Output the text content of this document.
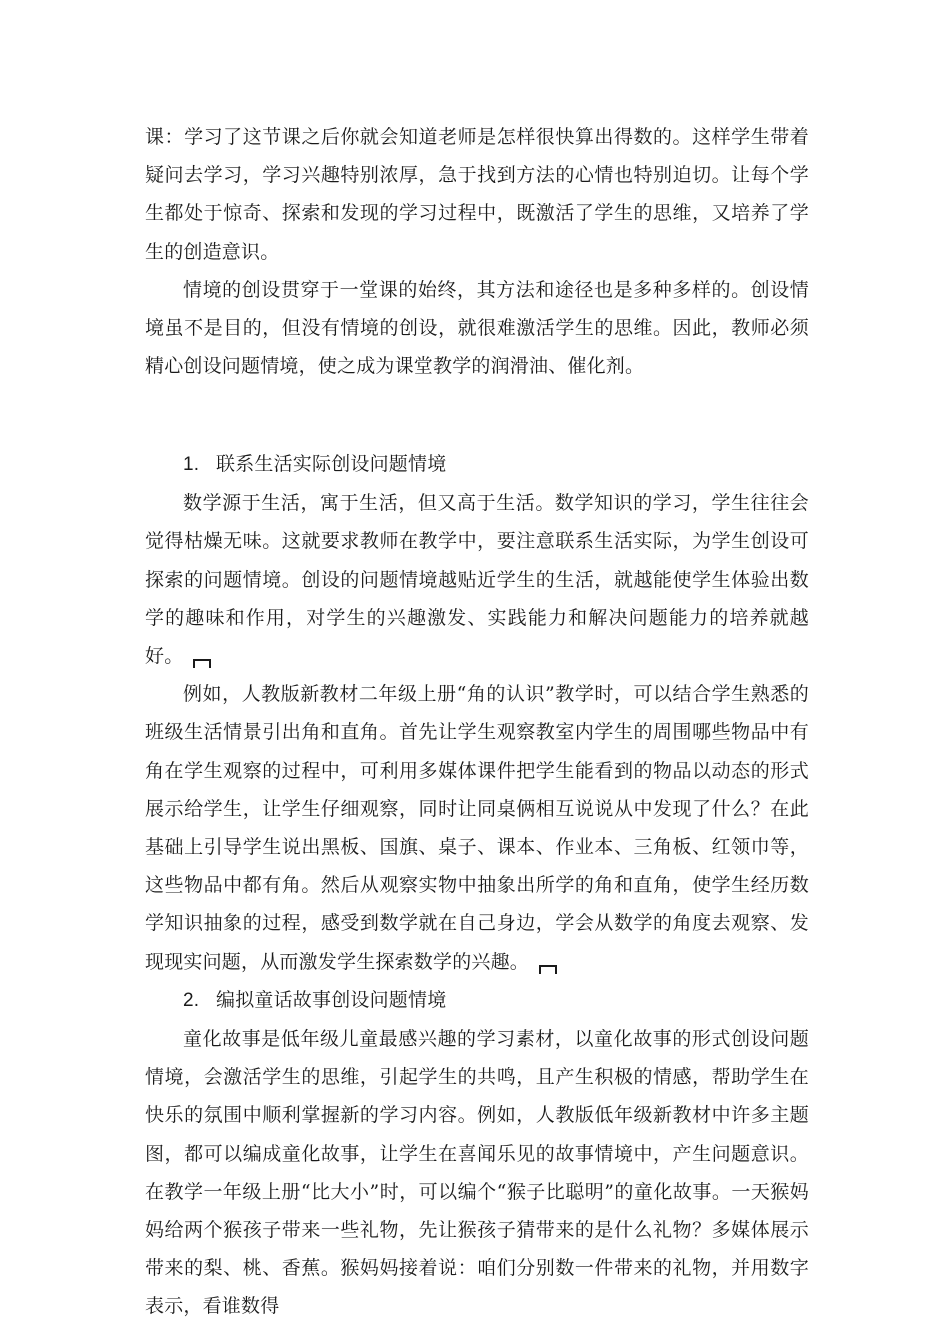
课：学习了这节课之后你就会知道老师是怎样很快算出得数的。这样学生带着疑问去学习，学习兴趣特别浓厚，急于找到方法的心情也特别迫切。让每个学生都处于惊奇、探索和发现的学习过程中，既激活了学生的思维，又培养了学生的创造意识。

情境的创设贯穿于一堂课的始终，其方法和途径也是多种多样的。创设情境虽不是目的，但没有情境的创设，就很难激活学生的思维。因此，教师必须精心创设问题情境，使之成为课堂教学的润滑油、催化剂。

1. 联系生活实际创设问题情境

数学源于生活，寓于生活，但又高于生活。数学知识的学习，学生往往会觉得枯燥无味。这就要求教师在教学中，要注意联系生活实际，为学生创设可探索的问题情境。创设的问题情境越贴近学生的生活，就越能使学生体验出数学的趣味和作用，对学生的兴趣激发、实践能力和解决问题能力的培养就越好。

例如，人教版新教材二年级上册“角的认识”教学时，可以结合学生熟悉的班级生活情景引出角和直角。首先让学生观察教室内学生的周围哪些物品中有角在学生观察的过程中，可利用多媒体课件把学生能看到的物品以动态的形式展示给学生，让学生仔细观察，同时让同桌俩相互说说从中发现了什么？在此基础上引导学生说出黑板、国旗、桌子、课本、作业本、三角板、红领巾等，这些物品中都有角。然后从观察实物中抽象出所学的角和直角，使学生经历数学知识抽象的过程，感受到数学就在自己身边，学会从数学的角度去观察、发现现实问题，从而激发学生探索数学的兴趣。

2. 编拟童话故事创设问题情境

童化故事是低年级儿童最感兴趣的学习素材，以童化故事的形式创设问题情境，会激活学生的思维，引起学生的共鸣，且产生积极的情感，帮助学生在快乐的氛围中顺利掌握新的学习内容。例如，人教版低年级新教材中许多主题图，都可以编成童化故事，让学生在喜闻乐见的故事情境中，产生问题意识。在教学一年级上册“比大小”时，可以编个“猴子比聪明”的童化故事。一天猴妈妈给两个猴孩子带来一些礼物，先让猴孩子猜带来的是什么礼物？多媒体展示带来的梨、桃、香蕉。猴妈妈接着说：咱们分别数一件带来的礼物，并用数字表示，看谁数得
